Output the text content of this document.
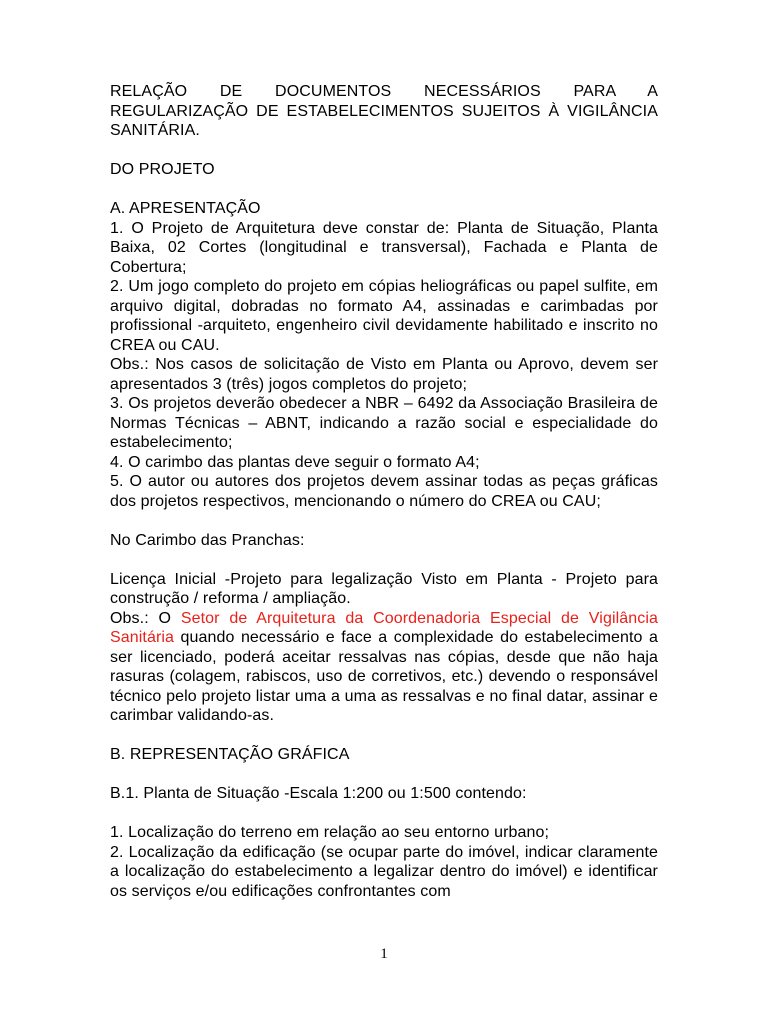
RELAÇÃO DE DOCUMENTOS NECESSÁRIOS PARA A REGULARIZAÇÃO DE ESTABELECIMENTOS SUJEITOS À VIGILÂNCIA SANITÁRIA.

DO PROJETO

A. APRESENTAÇÃO

1. O Projeto de Arquitetura deve constar de: Planta de Situação, Planta Baixa, 02 Cortes (longitudinal e transversal), Fachada e Planta de Cobertura;

2. Um jogo completo do projeto em cópias heliográficas ou papel sulfite, em arquivo digital, dobradas no formato A4, assinadas e carimbadas por profissional -arquiteto, engenheiro civil devidamente habilitado e inscrito no CREA ou CAU.

Obs.: Nos casos de solicitação de Visto em Planta ou Aprovo, devem ser apresentados 3 (três) jogos completos do projeto;

3. Os projetos deverão obedecer a NBR – 6492 da Associação Brasileira de Normas Técnicas – ABNT, indicando a razão social e especialidade do estabelecimento;

4. O carimbo das plantas deve seguir o formato A4;

5. O autor ou autores dos projetos devem assinar todas as peças gráficas dos projetos respectivos, mencionando o número do CREA ou CAU;

No Carimbo das Pranchas:

Licença Inicial -Projeto para legalização Visto em Planta - Projeto para construção / reforma / ampliação.

Obs.: O Setor de Arquitetura da Coordenadoria Especial de Vigilância Sanitária quando necessário e face a complexidade do estabelecimento a ser licenciado, poderá aceitar ressalvas nas cópias, desde que não haja rasuras (colagem, rabiscos, uso de corretivos, etc.) devendo o responsável técnico pelo projeto listar uma a uma as ressalvas e no final datar, assinar e carimbar validando-as.

B. REPRESENTAÇÃO GRÁFICA

B.1. Planta de Situação -Escala 1:200 ou 1:500 contendo:

1. Localização do terreno em relação ao seu entorno urbano;

2. Localização da edificação (se ocupar parte do imóvel, indicar claramente a localização do estabelecimento a legalizar dentro do imóvel) e identificar os serviços e/ou edificações confrontantes com

1
